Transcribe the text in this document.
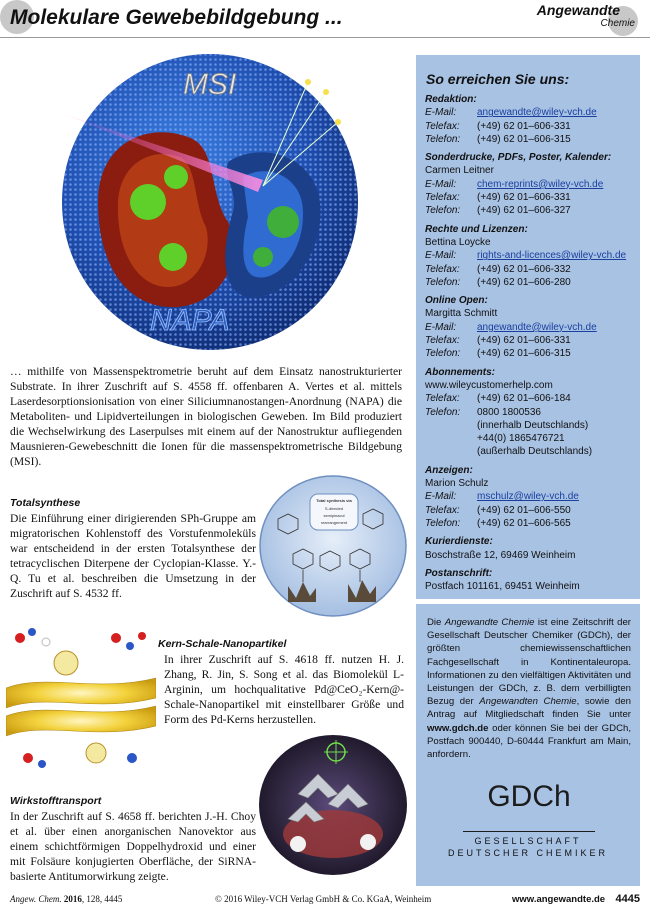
Molekulare Gewebebildgebung ...	Angewandte
Chemie
MSI
NAPA
… mithilfe von Massenspektrometrie beruht auf dem Einsatz nanostrukturierter Substrate. In ihrer Zuschrift auf S. 4558 ff. offenbaren A. Vertes et al. mittels Laserdesorptionsionisation von einer Siliciumnanostangen-Anordnung (NAPA) die Metaboliten- und Lipidverteilungen in biologischen Geweben. Im Bild produziert die Wechselwirkung des Laserpulses mit einem auf der Nanostruktur aufliegenden Mausnieren-Gewebeschnitt die Ionen für die massenspektrometrische Bildgebung (MSI).
Totalsynthese
Die Einführung einer dirigierenden SPh-Gruppe am migratorischen Kohlenstoff des Vorstufenmoleküls war entscheidend in der ersten Totalsynthese der tetracyclischen Diterpene der Cyclopian-Klasse. Y.-Q. Tu et al. beschreiben die Umsetzung in der Zuschrift auf S. 4532 ff.
Total synthesis via
S-directed
semipinacol
rearrangement
Kern-Schale-Nanopartikel
In ihrer Zuschrift auf S. 4618 ff. nutzen H. J. Zhang, R. Jin, S. Song et al. das Biomolekül L-Arginin, um hochqualitative Pd@CeO₂-Kern@-Schale-Nanopartikel mit einstellbarer Größe und Form des Pd-Kerns herzustellen.
Wirkstofftransport
In der Zuschrift auf S. 4658 ff. berichten J.-H. Choy et al. über einen anorganischen Nanovektor aus einem schichtförmigen Doppelhydroxid und einer mit Folsäure konjugierten Oberfläche, der SiRNA-basierte Antitumorwirkung zeigte.
So erreichen Sie uns:
Redaktion:
E-Mail:	angewandte@wiley-vch.de
Telefax:	(+49) 62 01–606-331
Telefon:	(+49) 62 01–606-315
Sonderdrucke, PDFs, Poster, Kalender:
Carmen Leitner
E-Mail:	chem-reprints@wiley-vch.de
Telefax:	(+49) 62 01–606-331
Telefon:	(+49) 62 01–606-327
Rechte und Lizenzen:
Bettina Loycke
E-Mail:	rights-and-licences@wiley-vch.de
Telefax:	(+49) 62 01–606-332
Telefon:	(+49) 62 01–606-280
Online Open:
Margitta Schmitt
E-Mail:	angewandte@wiley-vch.de
Telefax:	(+49) 62 01–606-331
Telefon:	(+49) 62 01–606-315
Abonnements:
www.wileycustomerhelp.com
Telefax:	(+49) 62 01–606-184
Telefon:	0800 1800536
(innerhalb Deutschlands)
+44(0) 1865476721
(außerhalb Deutschlands)
Anzeigen:
Marion Schulz
E-Mail:	mschulz@wiley-vch.de
Telefax:	(+49) 62 01–606-550
Telefon:	(+49) 62 01–606-565
Kurierdienste:
Boschstraße 12, 69469 Weinheim
Postanschrift:
Postfach 101161, 69451 Weinheim
Die Angewandte Chemie ist eine Zeitschrift der Gesellschaft Deutscher Chemiker (GDCh), der größten chemiewissenschaftlichen Fachgesellschaft in Kontinentaleuropa. Informationen zu den vielfältigen Aktivitäten und Leistungen der GDCh, z. B. dem verbilligten Bezug der Angewandten Chemie, sowie den Antrag auf Mitgliedschaft finden Sie unter www.gdch.de oder können Sie bei der GDCh, Postfach 900440, D-60444 Frankfurt am Main, anfordern.
GDCh
GESELLSCHAFT
DEUTSCHER CHEMIKER
Angew. Chem. 2016, 128, 4445	© 2016 Wiley-VCH Verlag GmbH & Co. KGaA, Weinheim	www.angewandte.de 4445
